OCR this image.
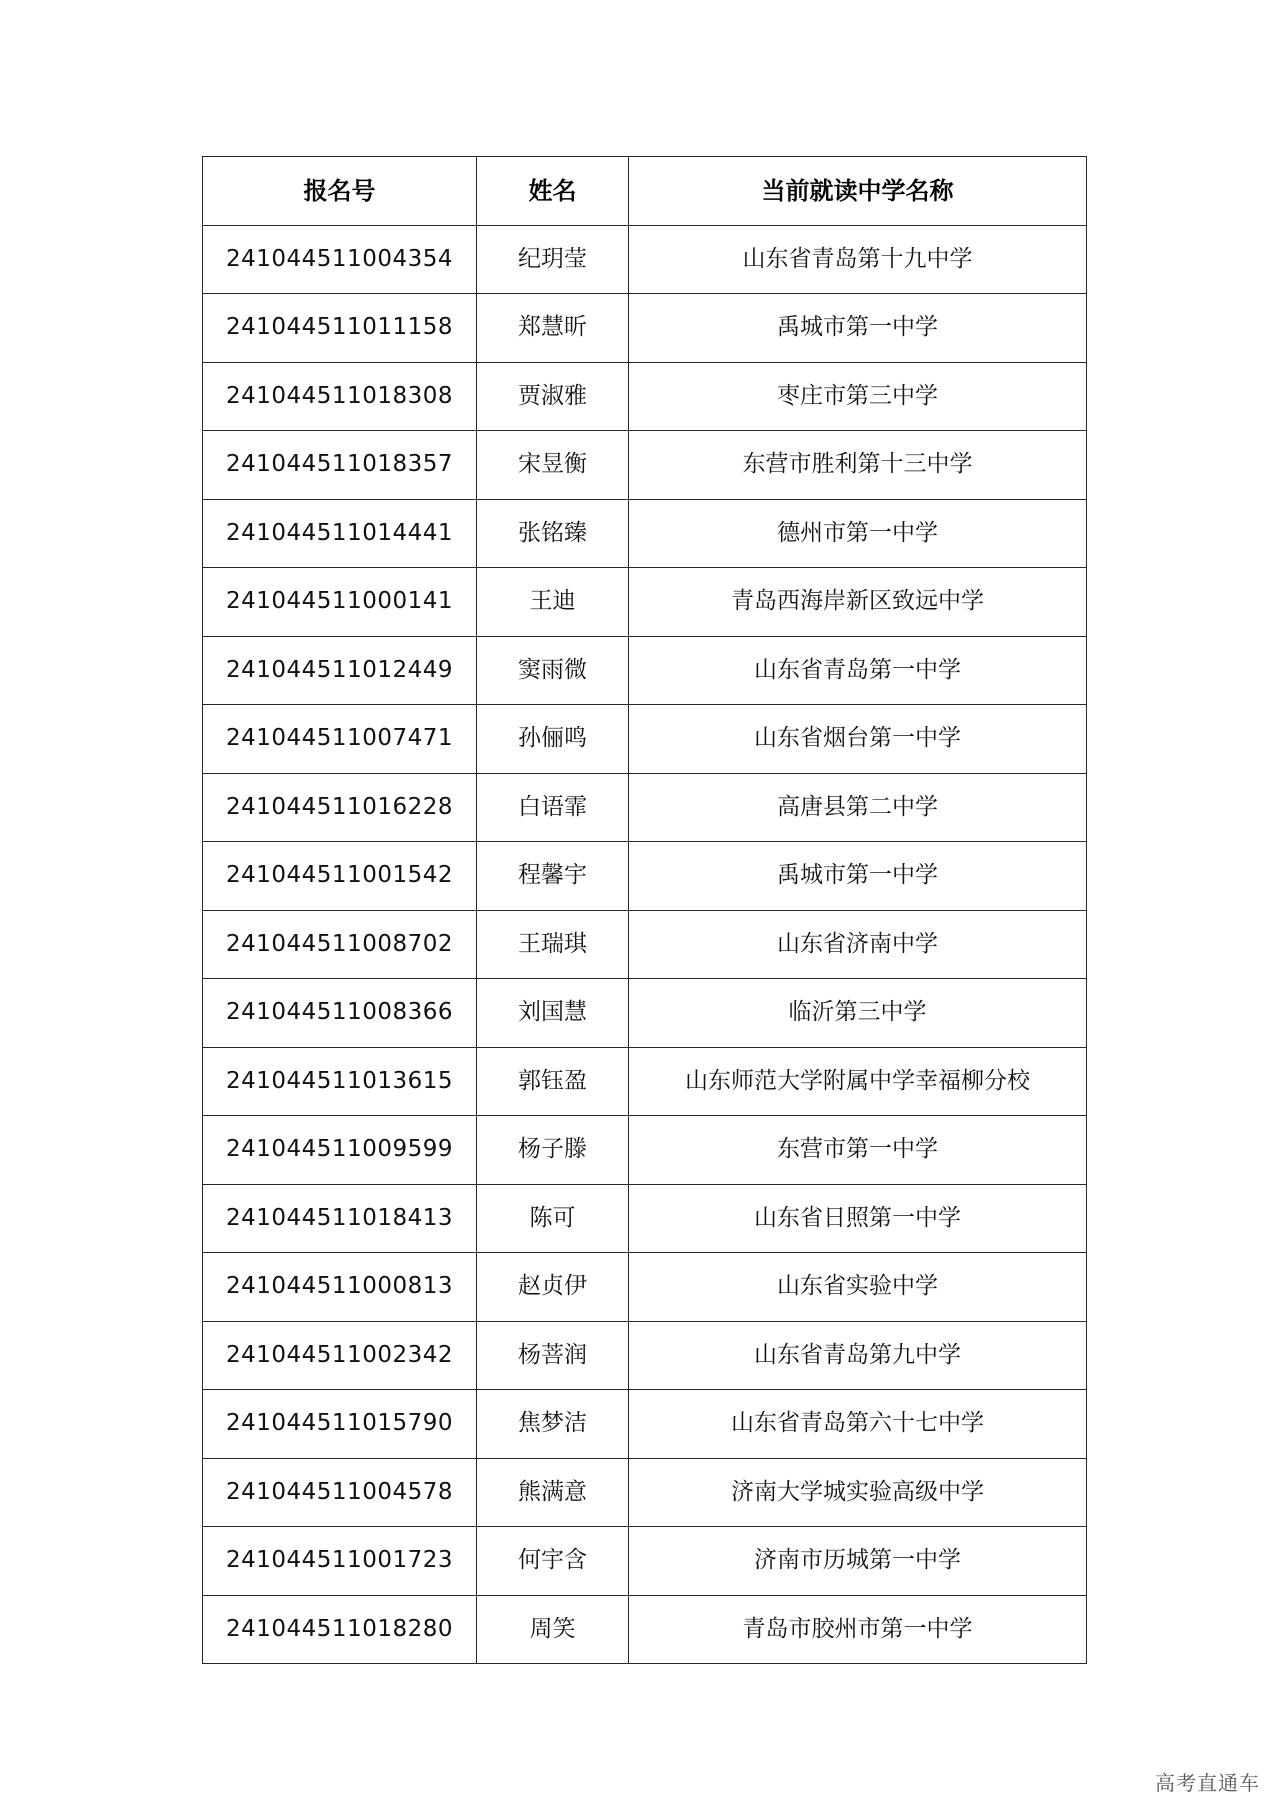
报名号	姓名	当前就读中学名称
241044511004354	纪玥莹	山东省青岛第十九中学
241044511011158	郑慧昕	禹城市第一中学
241044511018308	贾淑雅	枣庄市第三中学
241044511018357	宋昱衡	东营市胜利第十三中学
241044511014441	张铭臻	德州市第一中学
241044511000141	王迪	青岛西海岸新区致远中学
241044511012449	窦雨微	山东省青岛第一中学
241044511007471	孙俪鸣	山东省烟台第一中学
241044511016228	白语霏	高唐县第二中学
241044511001542	程馨宇	禹城市第一中学
241044511008702	王瑞琪	山东省济南中学
241044511008366	刘国慧	临沂第三中学
241044511013615	郭钰盈	山东师范大学附属中学幸福柳分校
241044511009599	杨子滕	东营市第一中学
241044511018413	陈可	山东省日照第一中学
241044511000813	赵贞伊	山东省实验中学
241044511002342	杨菩润	山东省青岛第九中学
241044511015790	焦梦洁	山东省青岛第六十七中学
241044511004578	熊满意	济南大学城实验高级中学
241044511001723	何宇含	济南市历城第一中学
241044511018280	周笑	青岛市胶州市第一中学
高考直通车
